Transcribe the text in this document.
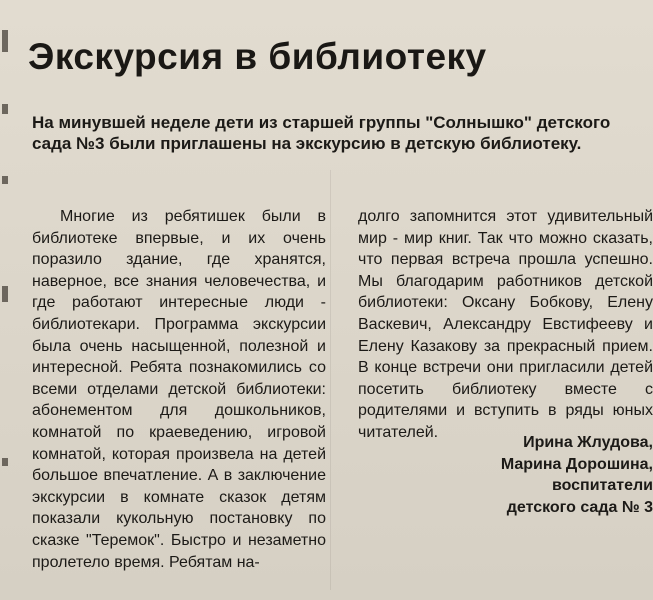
Экскурсия в библиотеку

На минувшей неделе дети из старшей группы "Солнышко" детского сада №3 были приглашены на экскурсию в детскую библиотеку.

Многие из ребятишек были в библиотеке впервые, и их очень поразило здание, где хранятся, наверное, все знания человечества, и где работают интересные люди - библиотекари. Программа экскурсии была очень насыщенной, полезной и интересной. Ребята познакомились со всеми отделами детской библиотеки: абонементом для дошкольников, комнатой по краеведению, игровой комнатой, которая произвела на детей большое впечатление. А в заключение экскурсии в комнате сказок детям показали кукольную постановку по сказке "Теремок". Быстро и незаметно пролетело время. Ребятам на-

долго запомнится этот удивительный мир - мир книг. Так что можно сказать, что первая встреча прошла успешно. Мы благодарим работников детской библиотеки: Оксану Бобкову, Елену Васкевич, Александру Евстифееву и Елену Казакову за прекрасный прием. В конце встречи они пригласили детей посетить библиотеку вместе с родителями и вступить в ряды юных читателей.

Ирина Жлудова,
Марина Дорошина,
воспитатели
детского сада № 3
